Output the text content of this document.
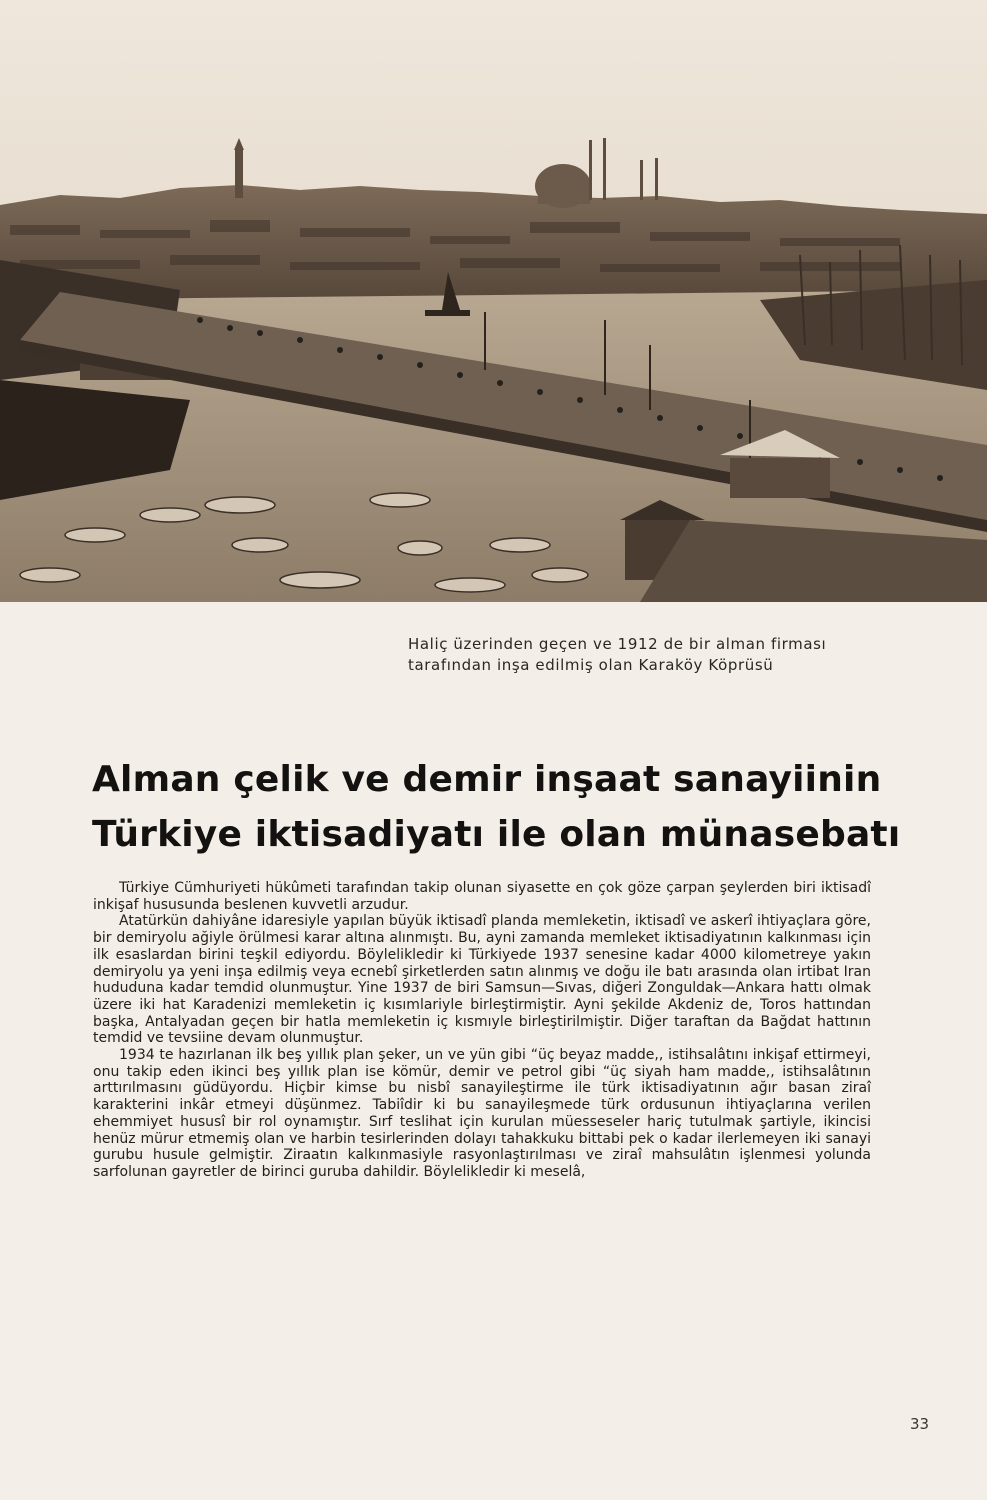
Haliç üzerinden geçen ve 1912 de bir alman firması
tarafından inşa edilmiş olan Karaköy Köprüsü
Alman çelik ve demir inşaat sanayiinin
Türkiye iktisadiyatı ile olan münasebatı

Türkiye Cümhuriyeti hükûmeti tarafından takip olunan siyasette en çok göze çarpan şeylerden biri iktisadî inkişaf hususunda beslenen kuvvetli arzudur.

Atatürkün dahiyâne idaresiyle yapılan büyük iktisadî planda memleketin, iktisadî ve askerî ihtiyaçlara göre, bir demiryolu ağiyle örülmesi karar altına alınmıştı. Bu, ayni zamanda memleket iktisadiyatının kalkınması için ilk esaslardan birini teşkil ediyordu. Böylelikledir ki Türkiyede 1937 senesine kadar 4000 kilometreye yakın demiryolu ya yeni inşa edilmiş veya ecnebî şirketlerden satın alınmış ve doğu ile batı arasında olan irtibat Iran hududuna kadar temdid olunmuştur. Yine 1937 de biri Samsun—Sıvas, diğeri Zonguldak—Ankara hattı olmak üzere iki hat Karadenizi memleketin iç kısımlariyle birleştirmiştir. Ayni şekilde Akdeniz de, Toros hattından başka, Antalyadan geçen bir hatla memleketin iç kısmıyle birleştirilmiştir. Diğer taraftan da Bağdat hattının temdid ve tevsiine devam olunmuştur.

1934 te hazırlanan ilk beş yıllık plan şeker, un ve yün gibi “üç beyaz madde,, istihsalâtını inkişaf ettirmeyi, onu takip eden ikinci beş yıllık plan ise kömür, demir ve petrol gibi “üç siyah ham madde,, istihsalâtının arttırılmasını güdüyordu. Hiçbir kimse bu nisbî sanayileştirme ile türk iktisadiyatının ağır basan ziraî karakterini inkâr etmeyi düşünmez. Tabiîdir ki bu sanayileşmede türk ordusunun ihtiyaçlarına verilen ehemmiyet hususî bir rol oynamıştır. Sırf teslihat için kurulan müesseseler hariç tutulmak şartiyle, ikincisi henüz mürur etmemiş olan ve harbin tesirlerinden dolayı tahakkuku bittabi pek o kadar ilerlemeyen iki sanayi gurubu husule gelmiştir. Ziraatın kalkınmasiyle rasyonlaştırılması ve ziraî mahsulâtın işlenmesi yolunda sarfolunan gayretler de birinci guruba dahildir. Böylelikledir ki meselâ,

33
